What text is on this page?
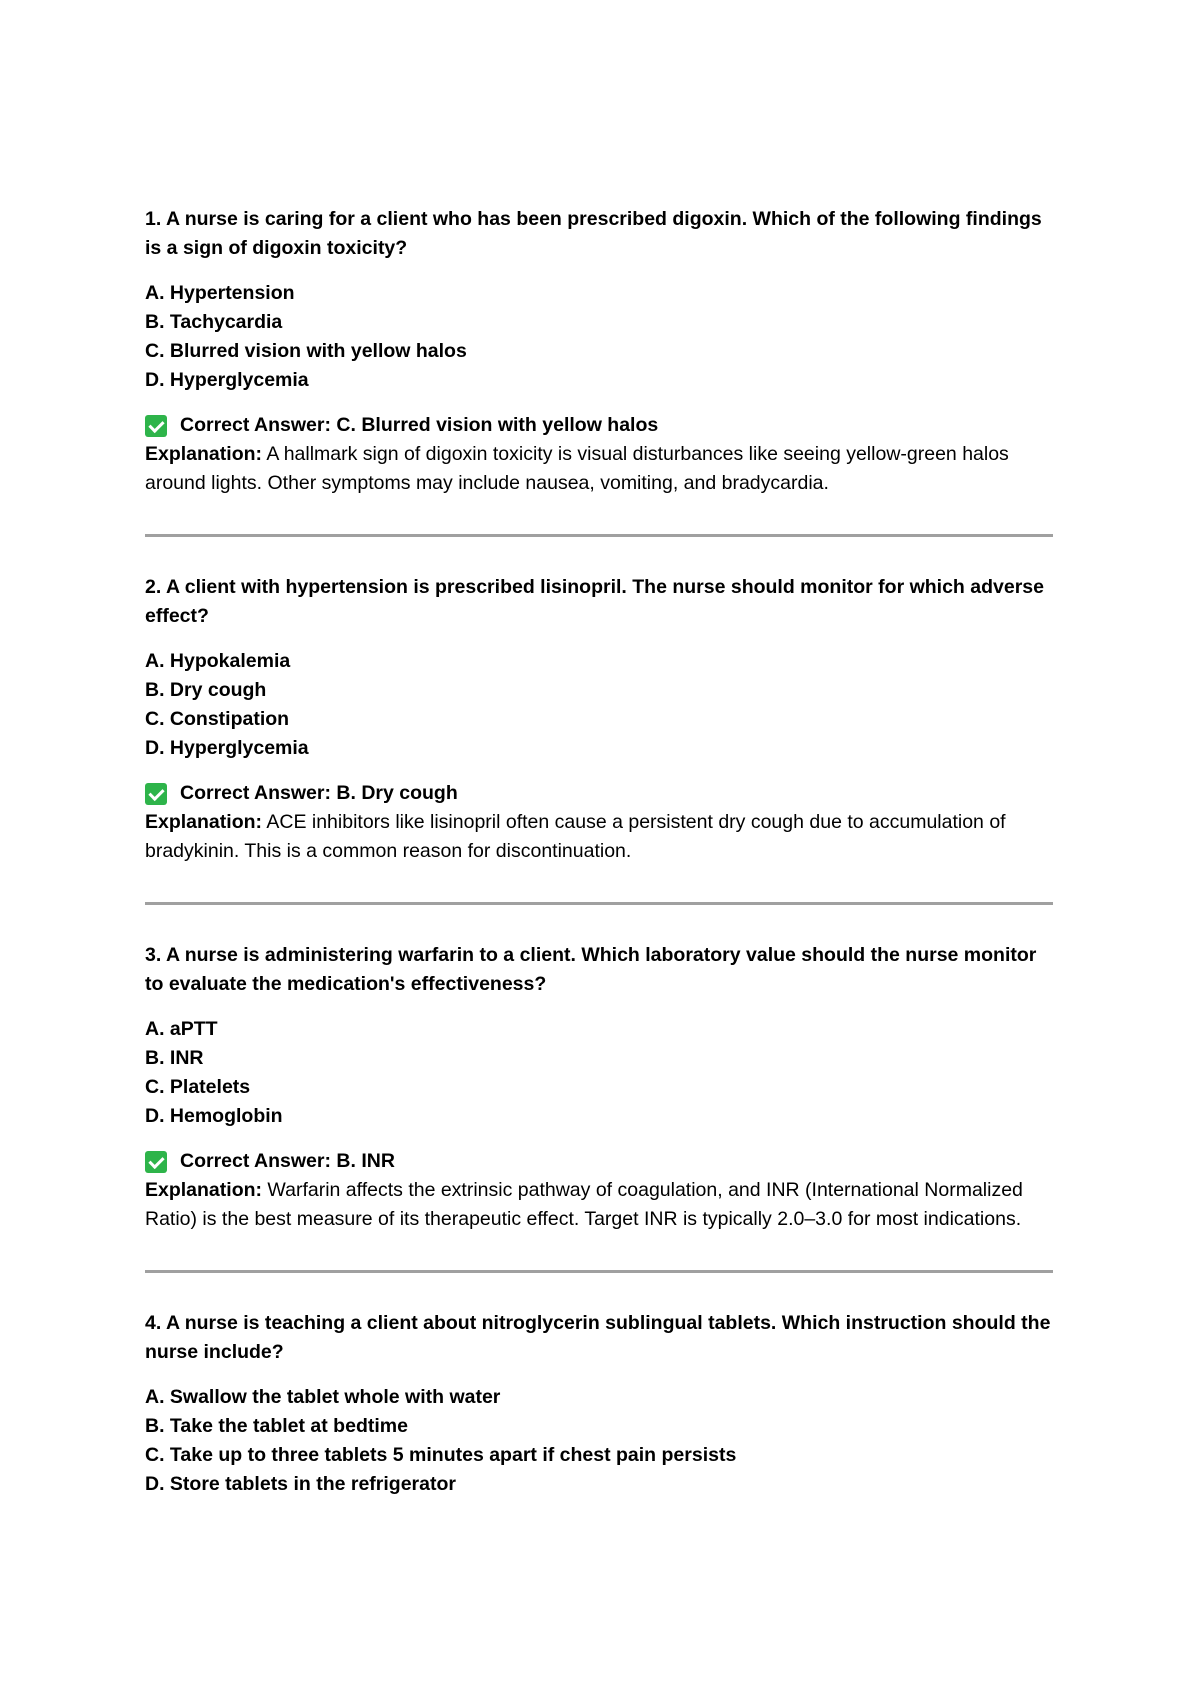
1. A nurse is caring for a client who has been prescribed digoxin. Which of the following findings is a sign of digoxin toxicity?

A. Hypertension
B. Tachycardia
C. Blurred vision with yellow halos
D. Hyperglycemia
Correct Answer: C. Blurred vision with yellow halos

Explanation: A hallmark sign of digoxin toxicity is visual disturbances like seeing yellow-green halos around lights. Other symptoms may include nausea, vomiting, and bradycardia.

2. A client with hypertension is prescribed lisinopril. The nurse should monitor for which adverse effect?

A. Hypokalemia
B. Dry cough
C. Constipation
D. Hyperglycemia
Correct Answer: B. Dry cough

Explanation: ACE inhibitors like lisinopril often cause a persistent dry cough due to accumulation of bradykinin. This is a common reason for discontinuation.

3. A nurse is administering warfarin to a client. Which laboratory value should the nurse monitor to evaluate the medication's effectiveness?

A. aPTT
B. INR
C. Platelets
D. Hemoglobin
Correct Answer: B. INR

Explanation: Warfarin affects the extrinsic pathway of coagulation, and INR (International Normalized Ratio) is the best measure of its therapeutic effect. Target INR is typically 2.0–3.0 for most indications.

4. A nurse is teaching a client about nitroglycerin sublingual tablets. Which instruction should the nurse include?

A. Swallow the tablet whole with water
B. Take the tablet at bedtime
C. Take up to three tablets 5 minutes apart if chest pain persists
D. Store tablets in the refrigerator
